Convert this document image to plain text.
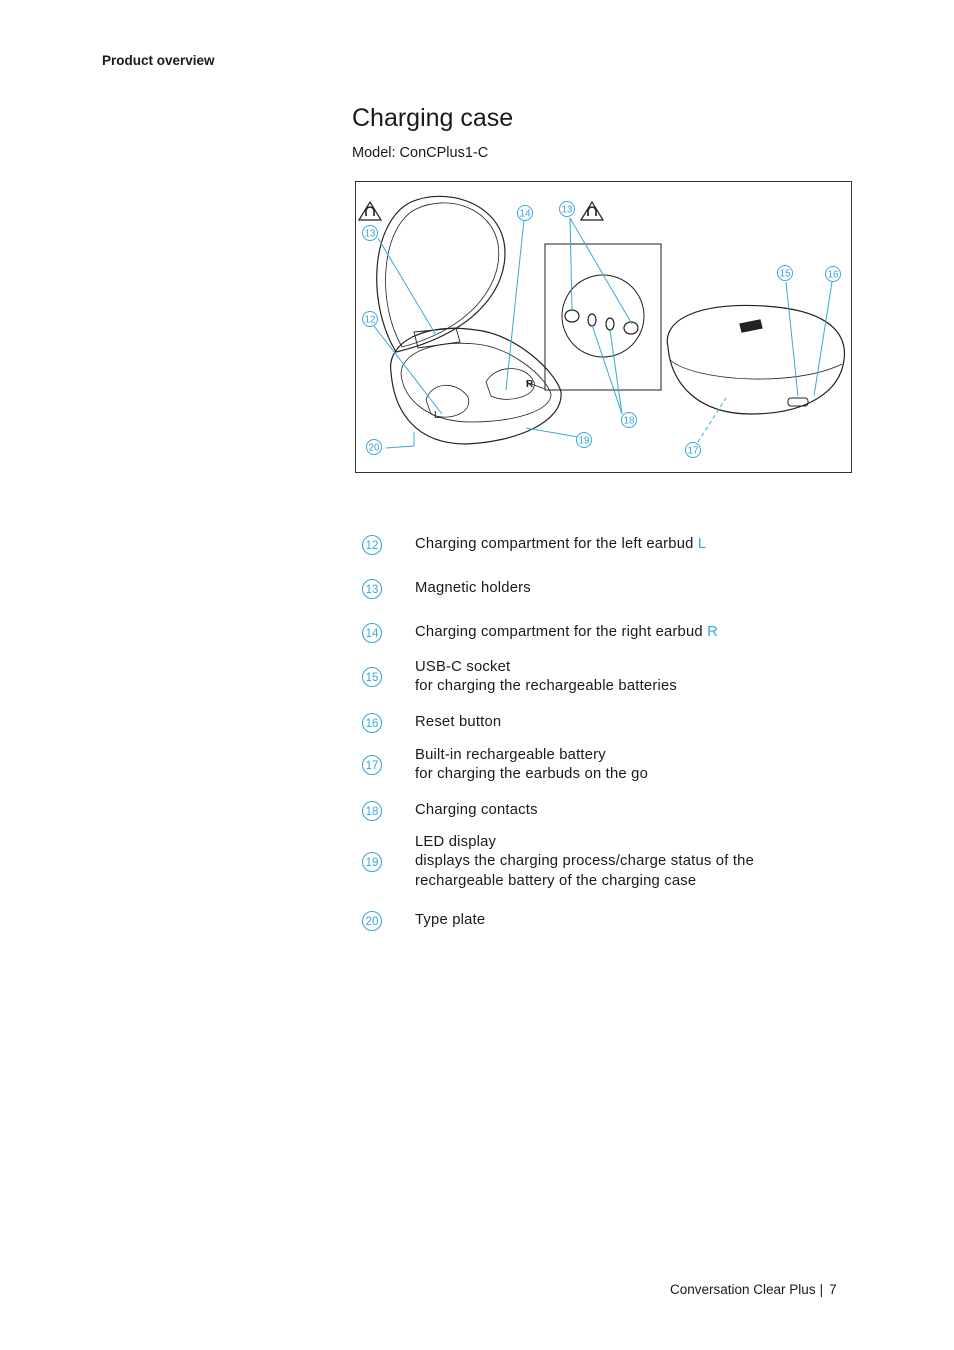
Product overview
Charging case
Model: ConCPlus1-C
L
R
12
13
13
14
15	16
17
18
19
20
12 Charging compartment for the left earbud L
13 Magnetic holders
14 Charging compartment for the right earbud R
15
USB-C socket
for charging the rechargeable batteries
16 Reset button
17
Built-in rechargeable battery
for charging the earbuds on the go
18 Charging contacts
19
LED display
displays the charging process/charge status of the
rechargeable battery of the charging case
20 Type plate
Conversation Clear Plus | 7
